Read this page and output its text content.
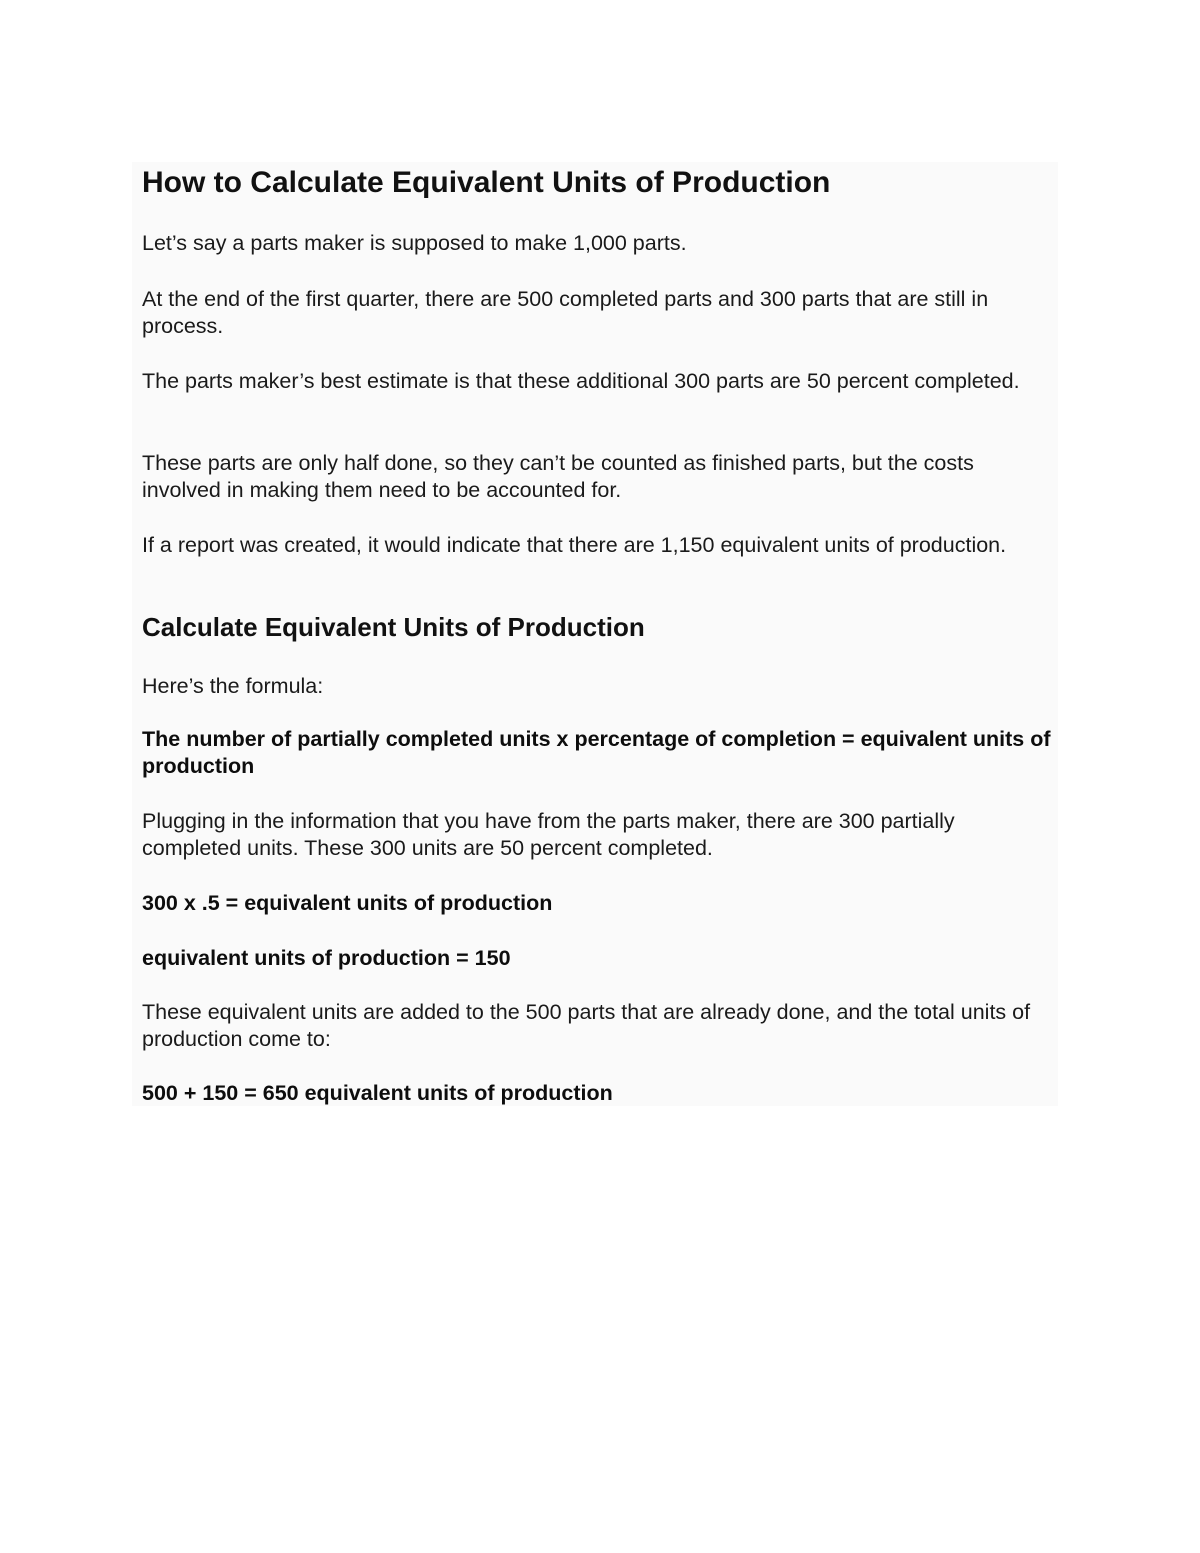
How to Calculate Equivalent Units of Production

Let’s say a parts maker is supposed to make 1,000 parts.

At the end of the first quarter, there are 500 completed parts and 300 parts that are still in process.

The parts maker’s best estimate is that these additional 300 parts are 50 percent completed.

These parts are only half done, so they can’t be counted as finished parts, but the costs involved in making them need to be accounted for.

If a report was created, it would indicate that there are 1,150 equivalent units of production.

Calculate Equivalent Units of Production

Here’s the formula:

The number of partially completed units x percentage of completion = equivalent units of production

Plugging in the information that you have from the parts maker, there are 300 partially completed units. These 300 units are 50 percent completed.

300 x .5 = equivalent units of production

equivalent units of production = 150

These equivalent units are added to the 500 parts that are already done, and the total units of production come to:

500 + 150 = 650 equivalent units of production
